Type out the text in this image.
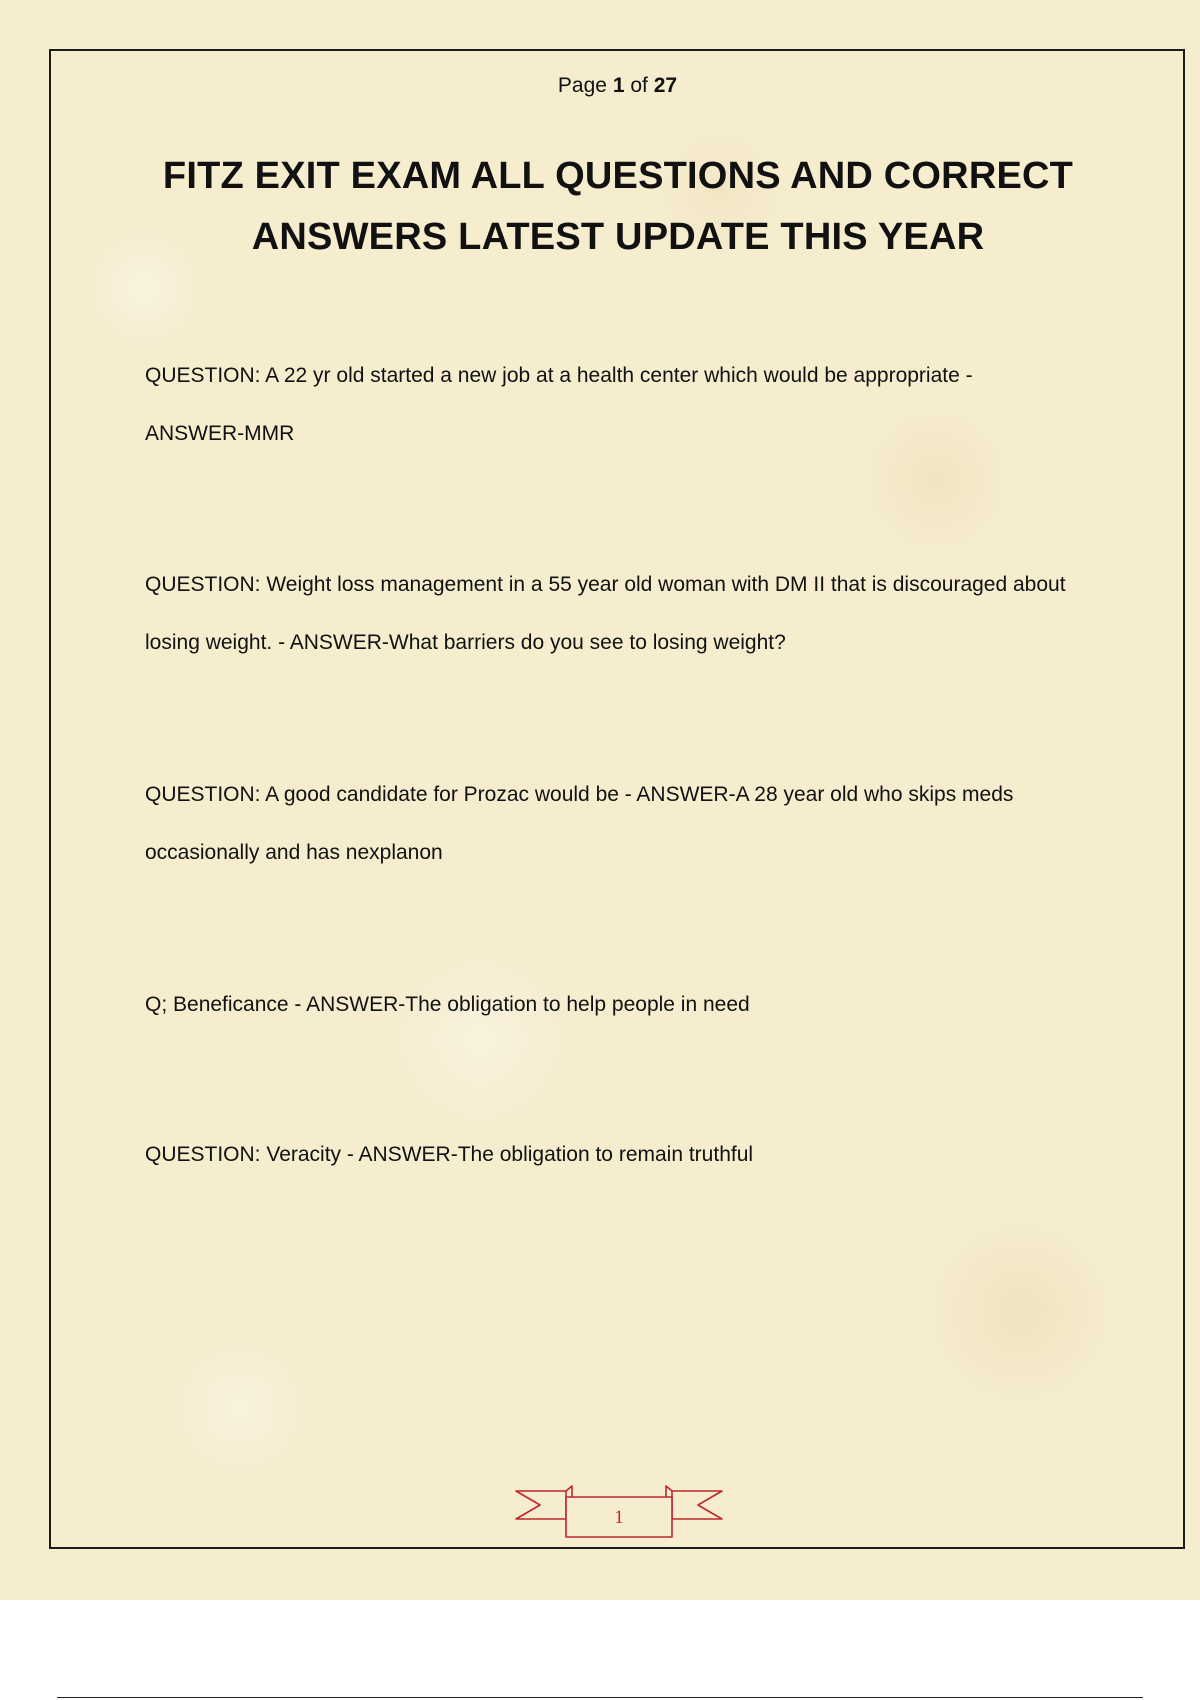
Page 1 of 27
FITZ EXIT EXAM ALL QUESTIONS AND CORRECT
ANSWERS LATEST UPDATE THIS YEAR

QUESTION: A 22 yr old started a new job at a health center which would be appropriate - ANSWER-MMR

QUESTION: Weight loss management in a 55 year old woman with DM II that is discouraged about losing weight. - ANSWER-What barriers do you see to losing weight?

QUESTION: A good candidate for Prozac would be - ANSWER-A 28 year old who skips meds occasionally and has nexplanon

Q; Beneficance - ANSWER-The obligation to help people in need

QUESTION: Veracity - ANSWER-The obligation to remain truthful

1
